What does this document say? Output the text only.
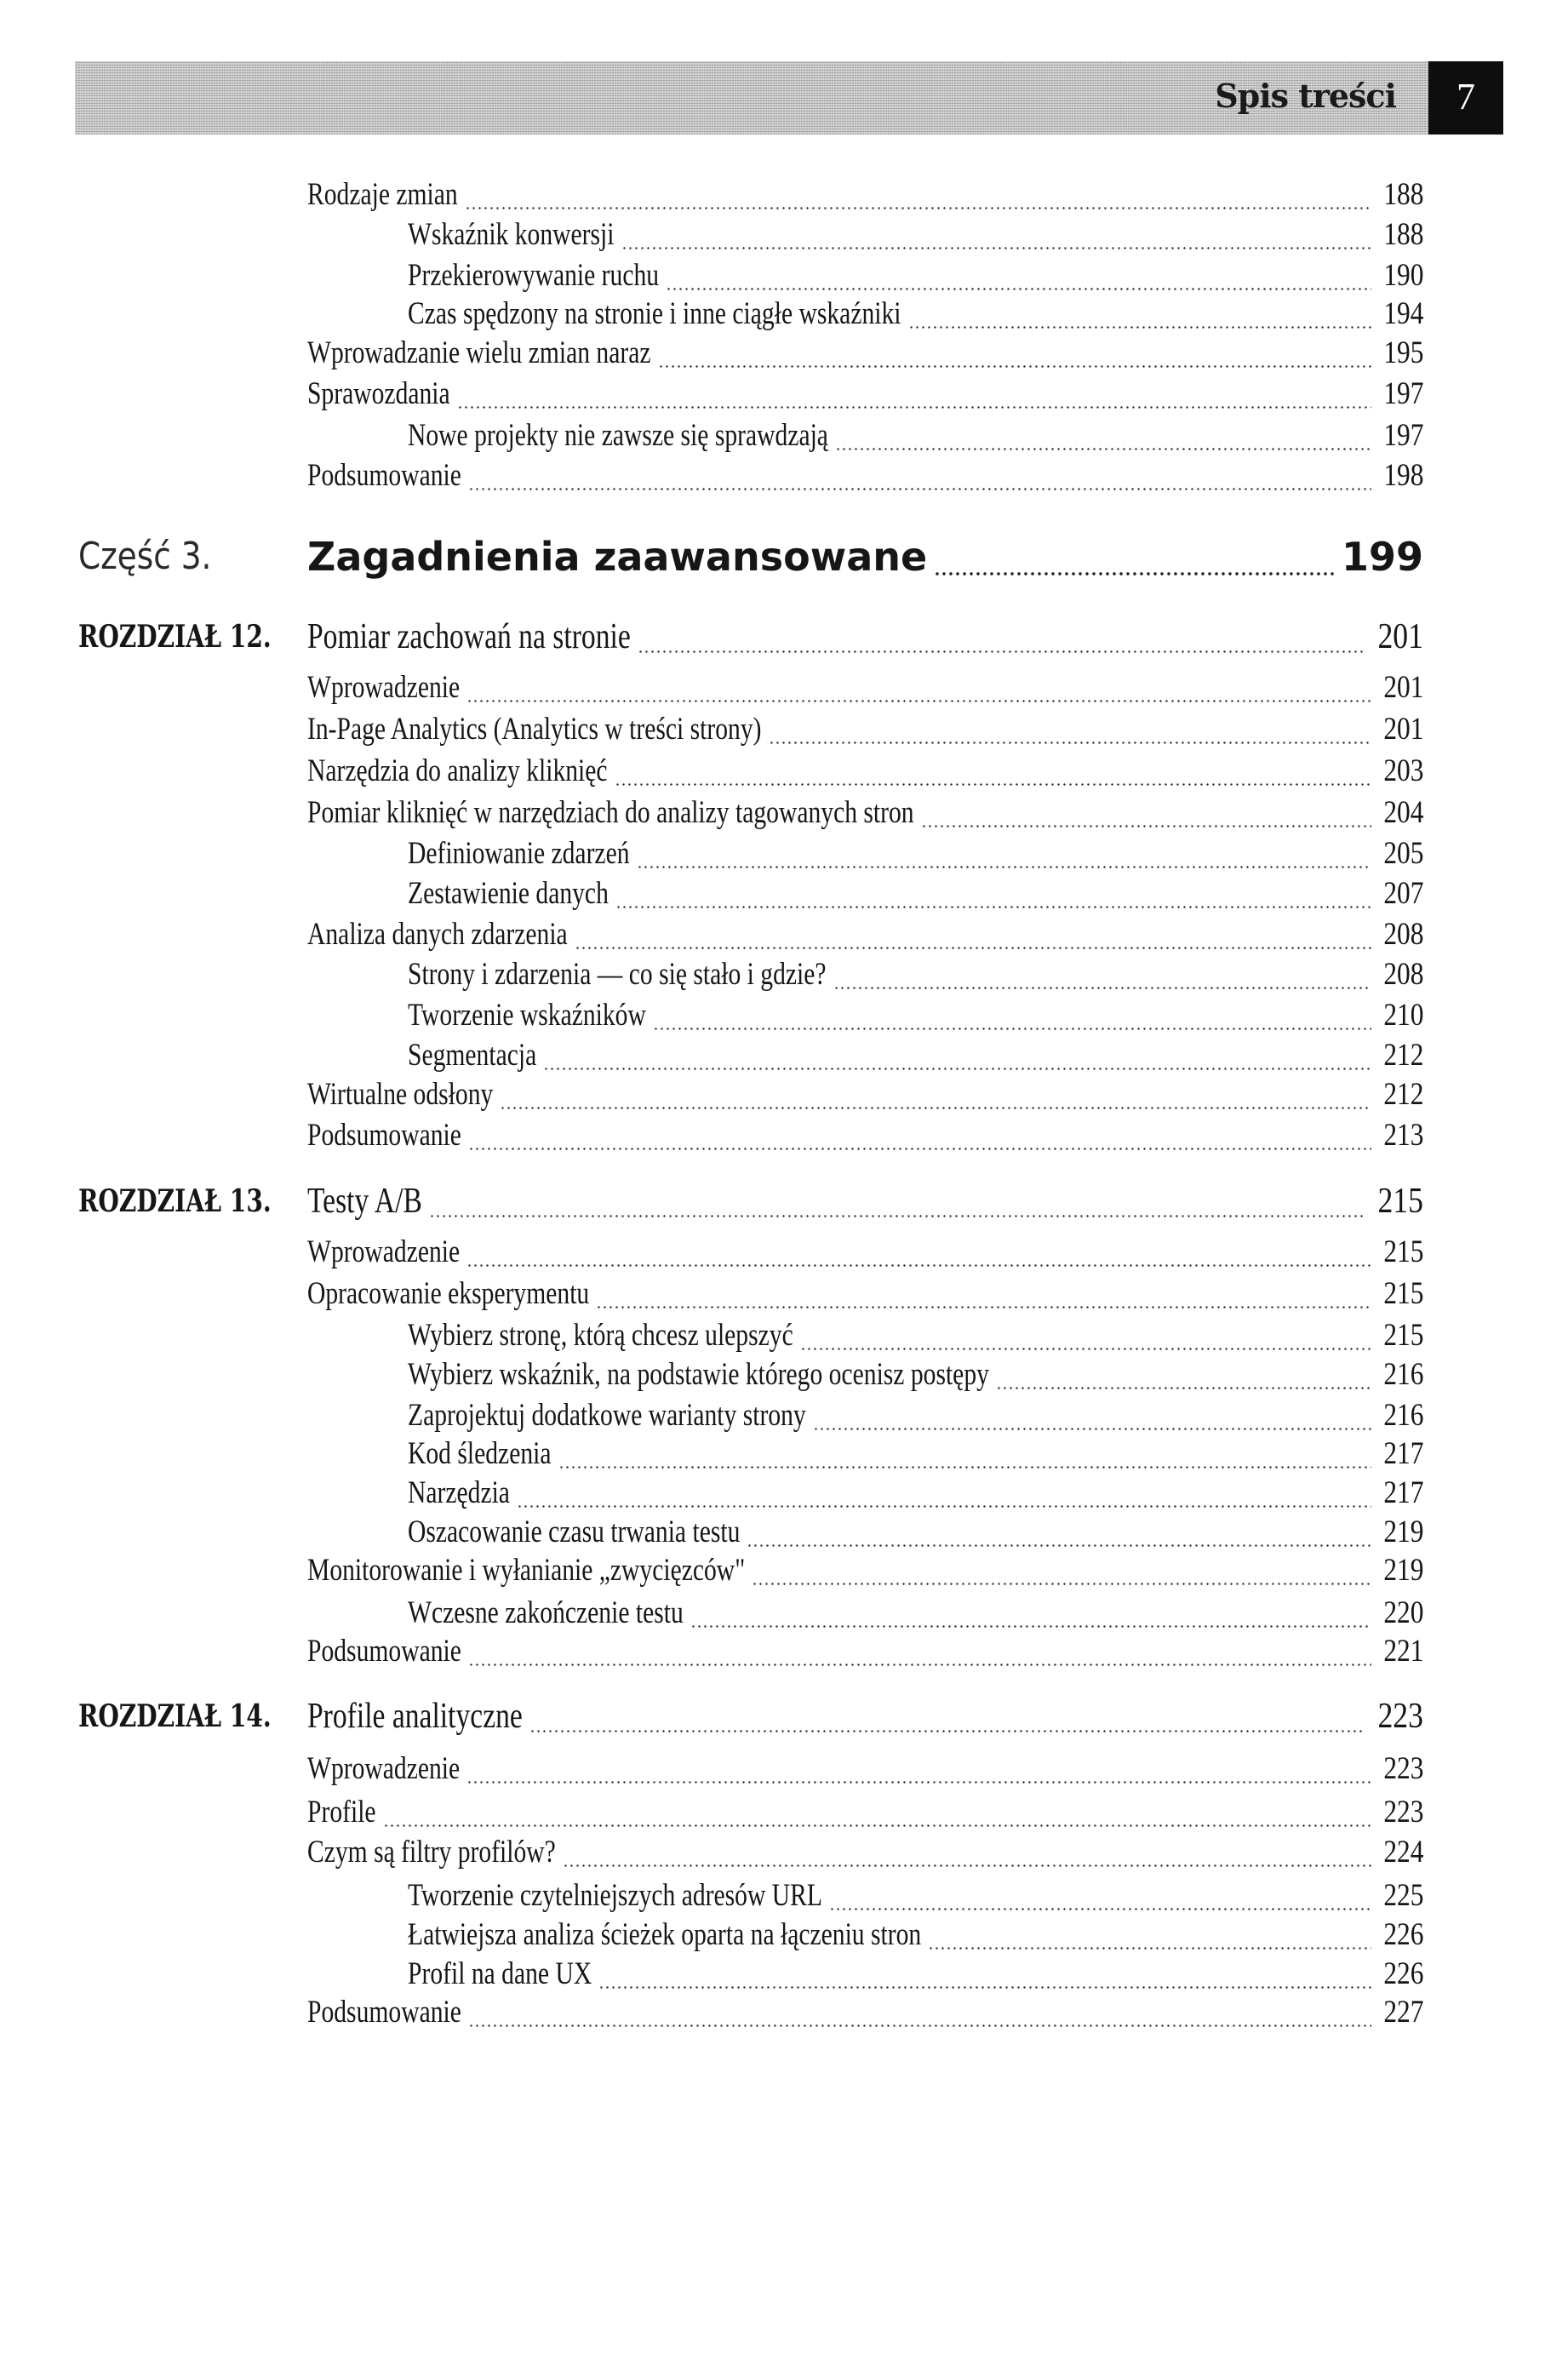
Spis treści	7
Rodzaje zmian	188
Wskaźnik konwersji	188
Przekierowywanie ruchu	190
Czas spędzony na stronie i inne ciągłe wskaźniki	194
Wprowadzanie wielu zmian naraz	195
Sprawozdania	197
Nowe projekty nie zawsze się sprawdzają	197
Podsumowanie	198
Część 3. Zagadnienia zaawansowane	199
ROZDZIAŁ 12. Pomiar zachowań na stronie	201
Wprowadzenie	201
In-Page Analytics (Analytics w treści strony)	201
Narzędzia do analizy kliknięć	203
Pomiar kliknięć w narzędziach do analizy tagowanych stron	204
Definiowanie zdarzeń	205
Zestawienie danych	207
Analiza danych zdarzenia	208
Strony i zdarzenia — co się stało i gdzie?	208
Tworzenie wskaźników	210
Segmentacja	212
Wirtualne odsłony	212
Podsumowanie	213
ROZDZIAŁ 13. Testy A/B	215
Wprowadzenie	215
Opracowanie eksperymentu	215
Wybierz stronę, którą chcesz ulepszyć	215
Wybierz wskaźnik, na podstawie którego ocenisz postępy	216
Zaprojektuj dodatkowe warianty strony	216
Kod śledzenia	217
Narzędzia	217
Oszacowanie czasu trwania testu	219
Monitorowanie i wyłanianie „zwycięzców"	219
Wczesne zakończenie testu	220
Podsumowanie	221
ROZDZIAŁ 14. Profile analityczne	223
Wprowadzenie	223
Profile	223
Czym są filtry profilów?	224
Tworzenie czytelniejszych adresów URL	225
Łatwiejsza analiza ścieżek oparta na łączeniu stron	226
Profil na dane UX	226
Podsumowanie	227
